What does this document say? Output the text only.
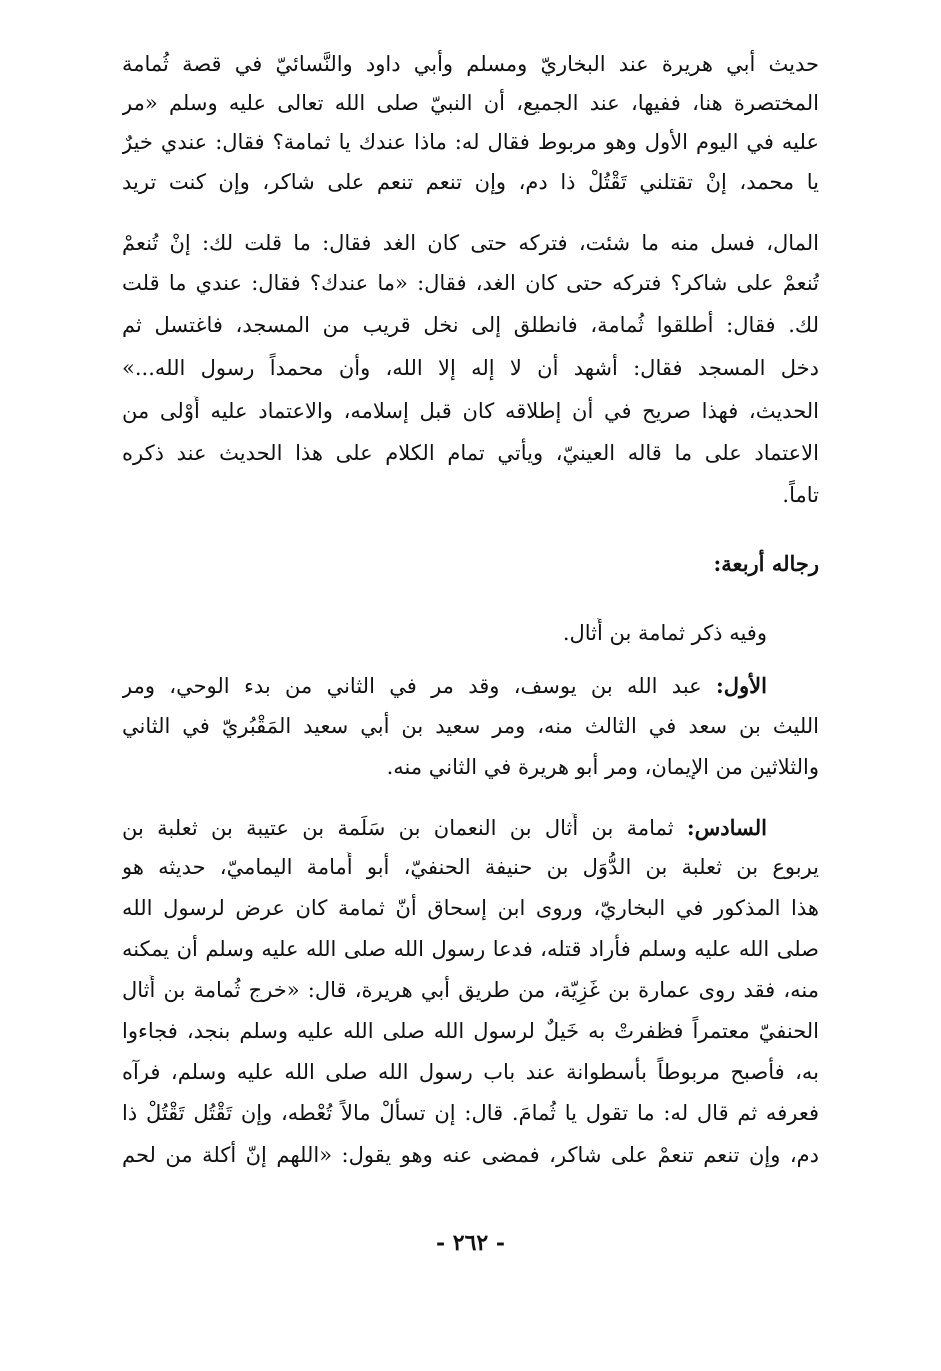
حديث أبي هريرة عند البخاريّ ومسلم وأبي داود والنَّسائيّ في قصة ثُمامة
المختصرة هنا، ففيها، عند الجميع، أن النبيّ صلى الله تعالى عليه وسلم «مر
عليه في اليوم الأول وهو مربوط فقال له: ماذا عندك يا ثمامة؟ فقال: عندي خيرٌ
يا محمد، إنْ تقتلني تَقْتُلْ ذا دم، وإن تنعم تنعم على شاكر، وإن كنت تريد
المال، فسل منه ما شئت، فتركه حتى كان الغد فقال: ما قلت لك: إنْ تُنعمْ
تُنعمْ على شاكر؟ فتركه حتى كان الغد، فقال: «ما عندك؟ فقال: عندي ما قلت
لك. فقال: أطلقوا ثُمامة، فانطلق إلى نخل قريب من المسجد، فاغتسل ثم
دخل المسجد فقال: أشهد أن لا إله إلا الله، وأن محمداً رسول الله...»
الحديث، فهذا صريح في أن إطلاقه كان قبل إسلامه، والاعتماد عليه أَوْلى من
الاعتماد على ما قاله العينيّ، ويأتي تمام الكلام على هذا الحديث عند ذكره
تاماً.
رجاله أربعة:
وفيه ذكر ثمامة بن أُثال.
الأول: عبد الله بن يوسف، وقد مر في الثاني من بدء الوحي، ومر
الليث بن سعد في الثالث منه، ومر سعيد بن أبي سعيد المَقْبُريّ في الثاني
والثلاثين من الإيمان، ومر أبو هريرة في الثاني منه.
السادس: ثمامة بن أُثال بن النعمان بن سَلَمة بن عتيبة بن ثعلبة بن
يربوع بن ثعلبة بن الدُّوَل بن حنيفة الحنفيّ، أبو أُمامة اليماميّ، حديثه هو
هذا المذكور في البخاريّ، وروى ابن إسحاق أنّ ثمامة كان عرض لرسول الله
صلى الله عليه وسلم فأراد قتله، فدعا رسول الله صلى الله عليه وسلم أن يمكنه
منه، فقد روى عمارة بن غَزِيّة، من طريق أبي هريرة، قال: «خرج ثُمامة بن أُثال
الحنفيّ معتمراً فظفرتْ به خَيلٌ لرسول الله صلى الله عليه وسلم بنجد، فجاءوا
به، فأصبح مربوطاً بأسطوانة عند باب رسول الله صلى الله عليه وسلم، فرآه
فعرفه ثم قال له: ما تقول يا ثُمامَ. قال: إن تسألْ مالاً تُعْطه، وإن تَقْتُل تَقْتُلْ ذا
دم، وإن تنعم تنعمْ على شاكر، فمضى عنه وهو يقول: «اللهم إنّ أكلة من لحم
- ٢٦٢ -
